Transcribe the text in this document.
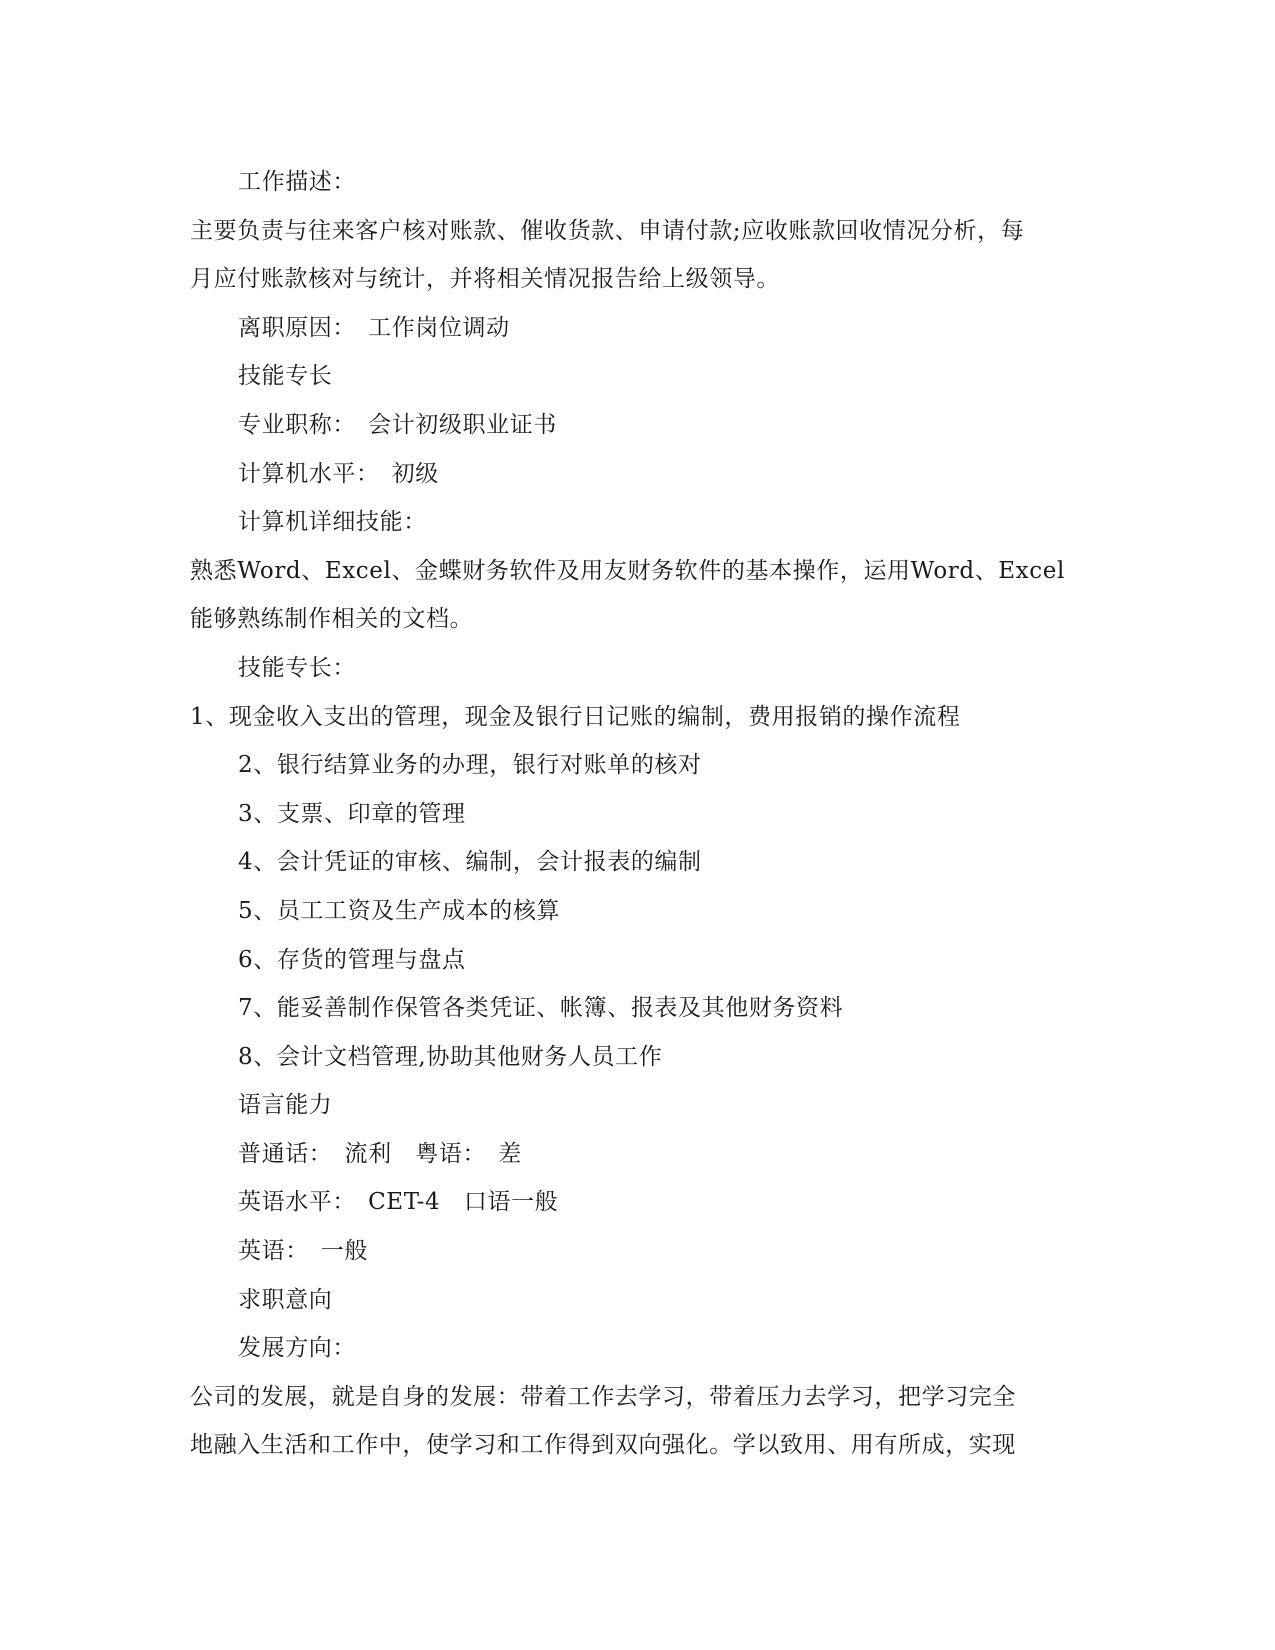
工作描述：
主要负责与往来客户核对账款、催收货款、申请付款;应收账款回收情况分析，每
月应付账款核对与统计，并将相关情况报告给上级领导。
离职原因：　工作岗位调动
技能专长
专业职称：　会计初级职业证书
计算机水平：　初级
计算机详细技能：
熟悉Word、Excel、金蝶财务软件及用友财务软件的基本操作，运用Word、Excel
能够熟练制作相关的文档。
技能专长：
1、现金收入支出的管理，现金及银行日记账的编制，费用报销的操作流程
2、银行结算业务的办理，银行对账单的核对
3、支票、印章的管理
4、会计凭证的审核、编制，会计报表的编制
5、员工工资及生产成本的核算
6、存货的管理与盘点
7、能妥善制作保管各类凭证、帐簿、报表及其他财务资料
8、会计文档管理,协助其他财务人员工作
语言能力
普通话：　流利　粤语：　差
英语水平：　CET-4　口语一般
英语：　一般
求职意向
发展方向：
公司的发展，就是自身的发展：带着工作去学习，带着压力去学习，把学习完全
地融入生活和工作中，使学习和工作得到双向强化。学以致用、用有所成，实现
